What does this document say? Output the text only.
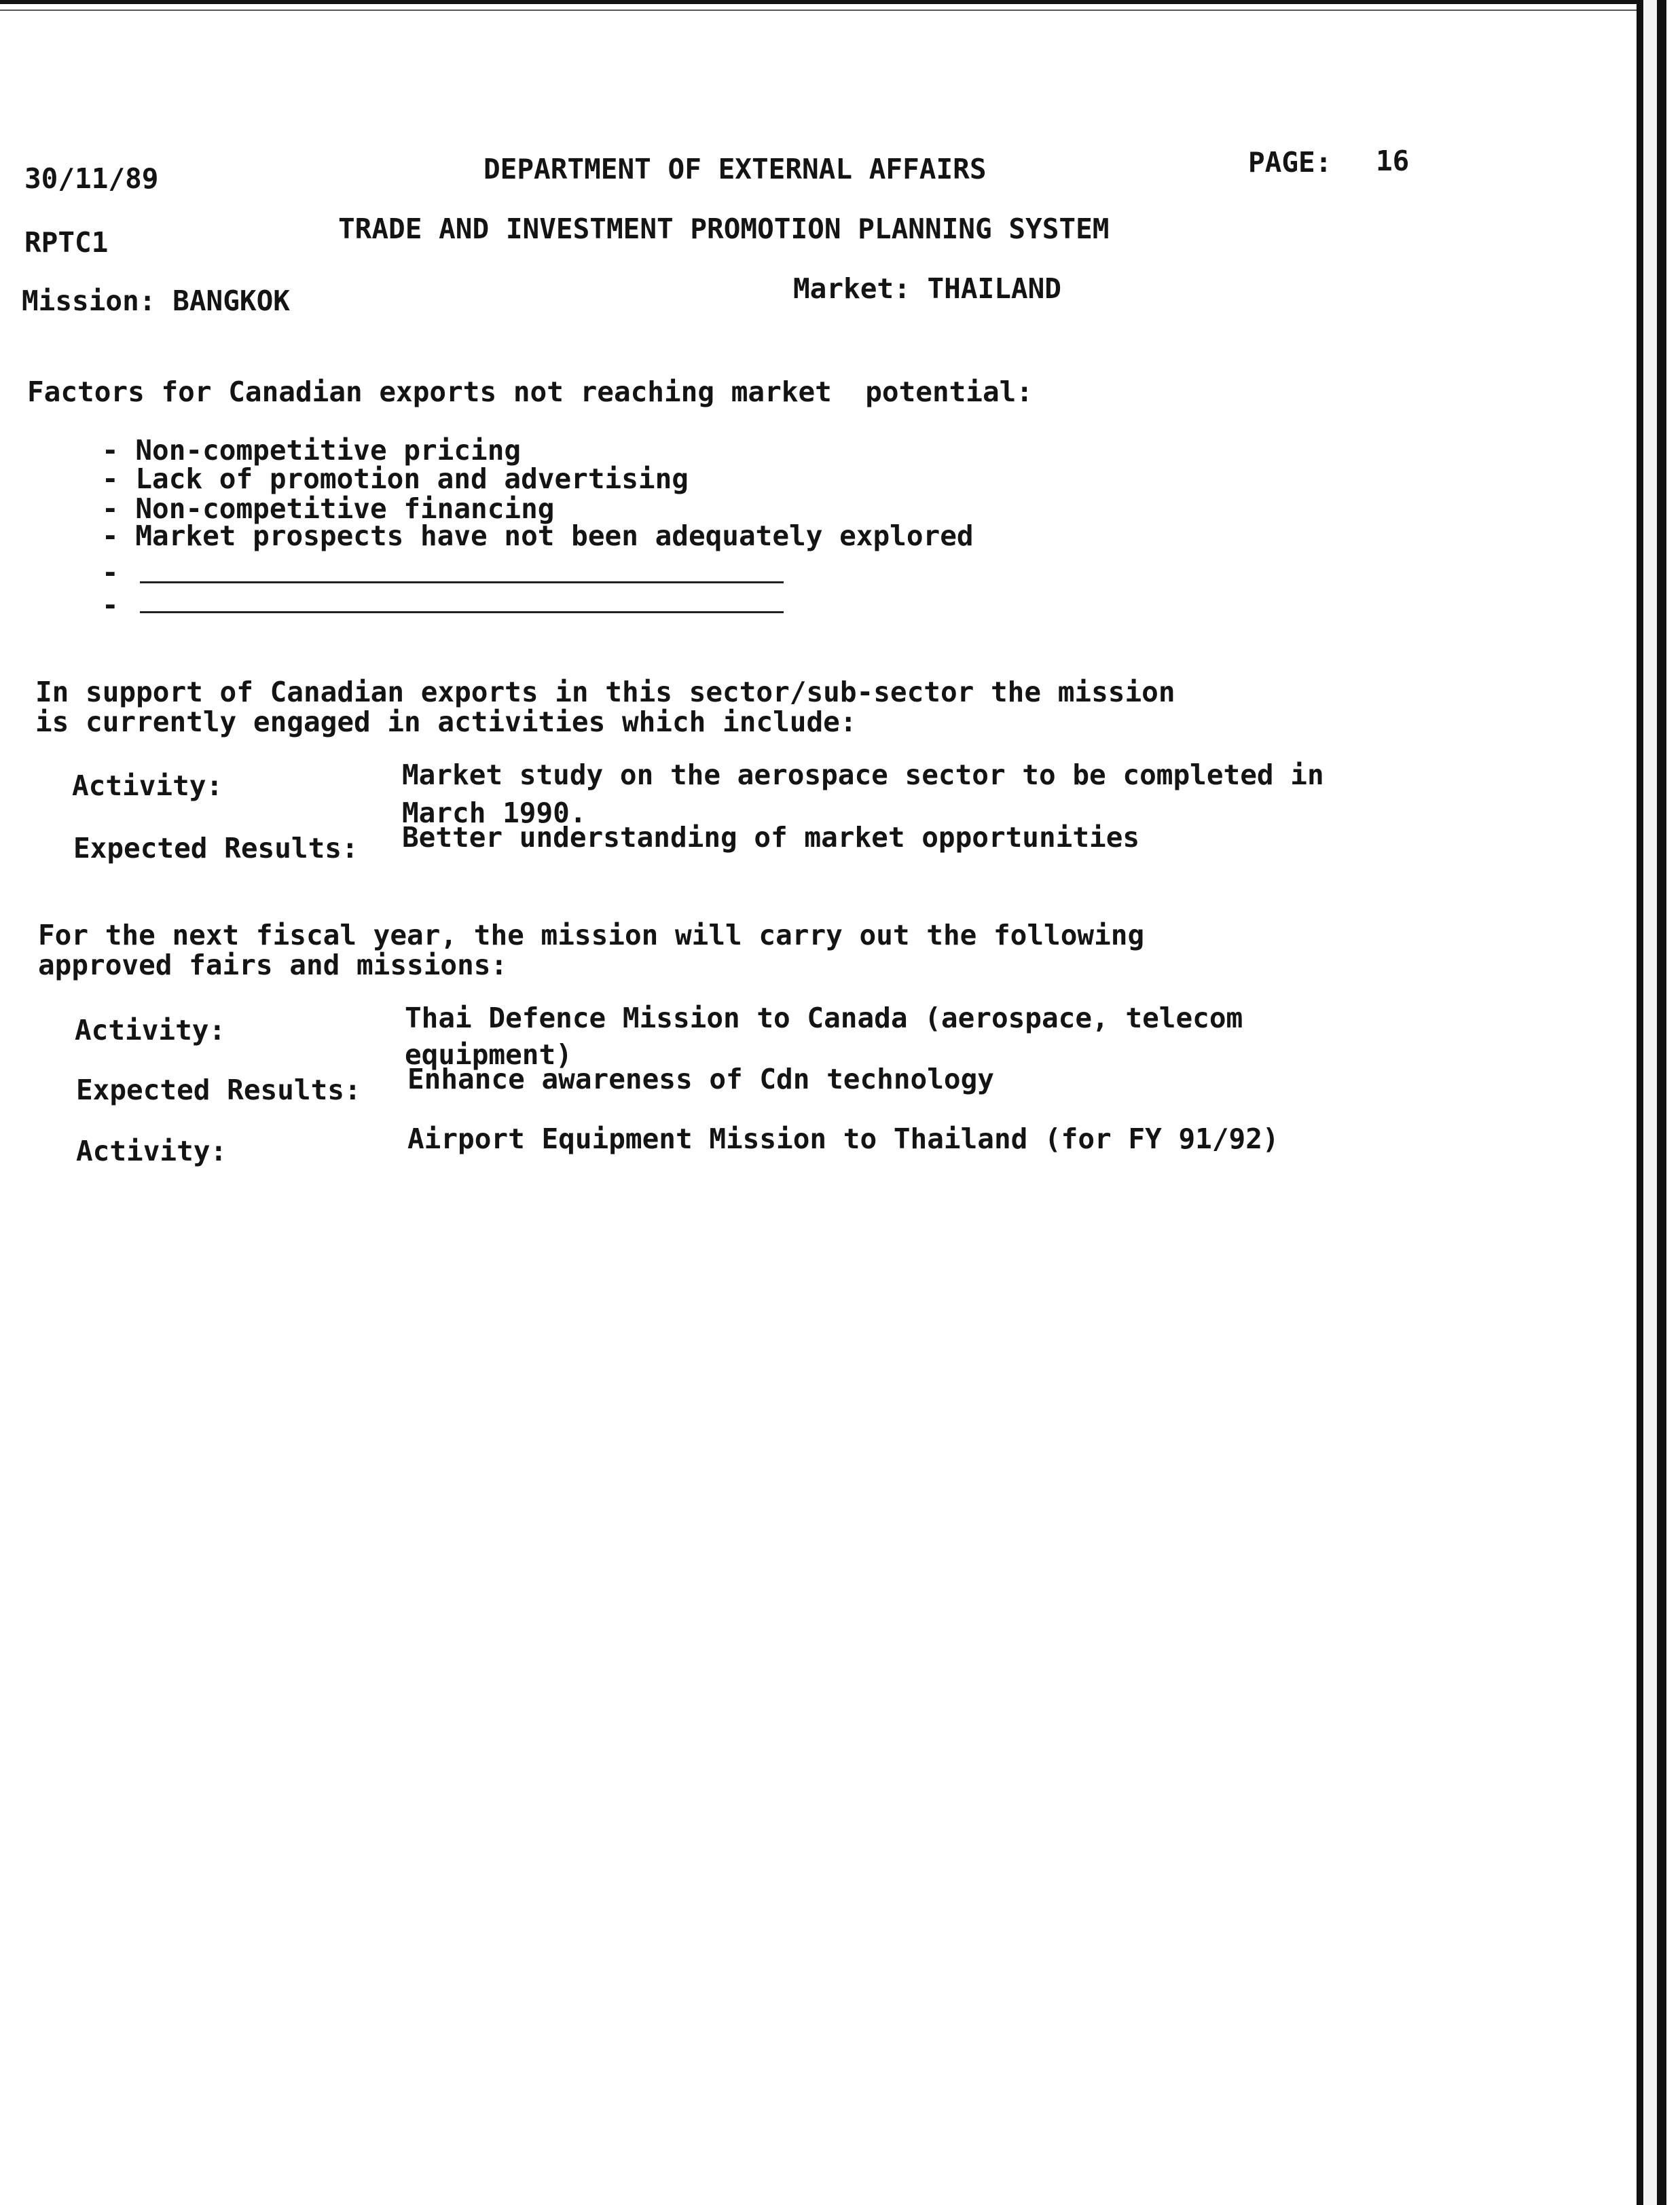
30/11/89	DEPARTMENT OF EXTERNAL AFFAIRS	PAGE: 16
RPTC1	TRADE AND INVESTMENT PROMOTION PLANNING SYSTEM
Mission: BANGKOK	Market: THAILAND
Factors for Canadian exports not reaching market  potential:
- Non-competitive pricing
- Lack of promotion and advertising
- Non-competitive financing
- Market prospects have not been adequately explored
-
-
In support of Canadian exports in this sector/sub-sector the mission
is currently engaged in activities which include:
Activity:	Market study on the aerospace sector to be completed in
March 1990.
Expected Results: Better understanding of market opportunities
For the next fiscal year, the mission will carry out the following
approved fairs and missions:
Activity:	Thai Defence Mission to Canada (aerospace, telecom
equipment)
Expected Results: Enhance awareness of Cdn technology
Activity:	Airport Equipment Mission to Thailand (for FY 91/92)
